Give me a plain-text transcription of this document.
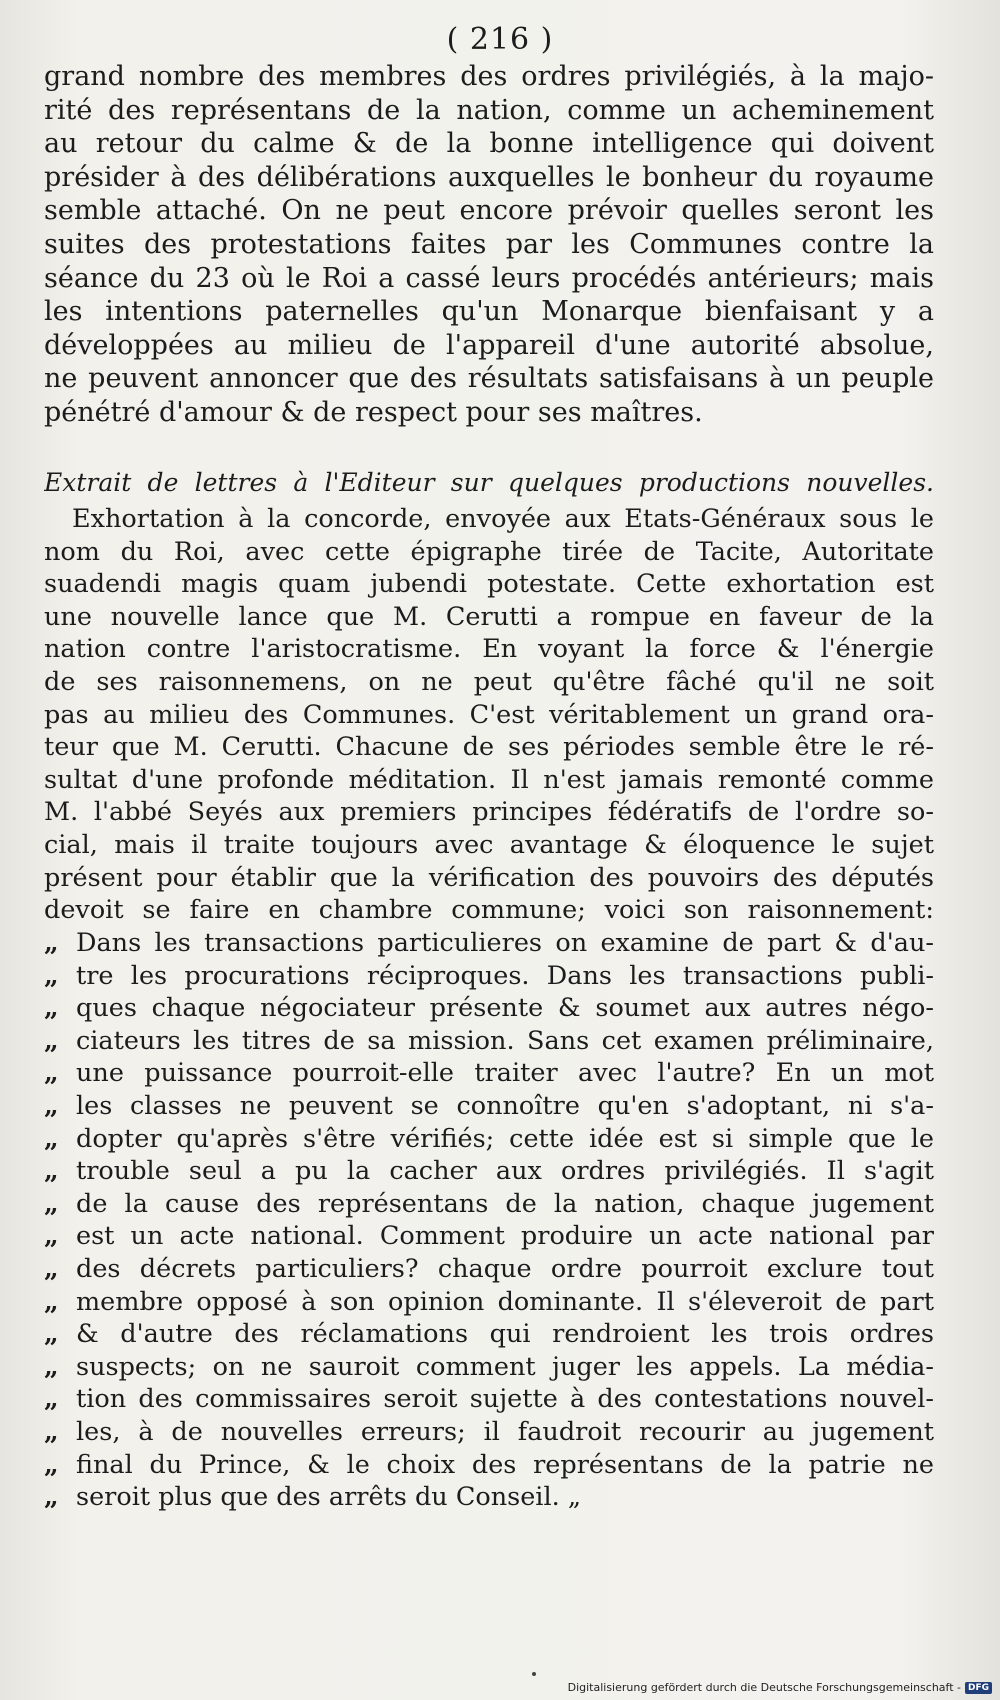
( 216 )
grand nombre des membres des ordres privilégiés, à la majo-
rité des représentans de la nation, comme un acheminement
au retour du calme & de la bonne intelligence qui doivent
présider à des délibérations auxquelles le bonheur du royaume
semble attaché. On ne peut encore prévoir quelles seront les
suites des protestations faites par les Communes contre la
séance du 23 où le Roi a cassé leurs procédés antérieurs; mais
les intentions paternelles qu'un Monarque bienfaisant y a
développées au milieu de l'appareil d'une autorité absolue,
ne peuvent annoncer que des résultats satisfaisans à un peuple
pénétré d'amour & de respect pour ses maîtres.
Extrait de lettres à l'Editeur sur quelques productions nouvelles.
Exhortation à la concorde, envoyée aux Etats-Généraux sous le
nom du Roi, avec cette épigraphe tirée de Tacite, Autoritate
suadendi magis quam jubendi potestate. Cette exhortation est
une nouvelle lance que M. Cerutti a rompue en faveur de la
nation contre l'aristocratisme. En voyant la force & l'énergie
de ses raisonnemens, on ne peut qu'être fâché qu'il ne soit
pas au milieu des Communes. C'est véritablement un grand ora-
teur que M. Cerutti. Chacune de ses périodes semble être le ré-
sultat d'une profonde méditation. Il n'est jamais remonté comme
M. l'abbé Seyés aux premiers principes fédératifs de l'ordre so-
cial, mais il traite toujours avec avantage & éloquence le sujet
présent pour établir que la vérification des pouvoirs des députés
devoit se faire en chambre commune; voici son raisonnement:
„ Dans les transactions particulieres on examine de part & d'au-
„ tre les procurations réciproques. Dans les transactions publi-
„ ques chaque négociateur présente & soumet aux autres négo-
„ ciateurs les titres de sa mission. Sans cet examen préliminaire,
„ une puissance pourroit-elle traiter avec l'autre? En un mot
„ les classes ne peuvent se connoître qu'en s'adoptant, ni s'a-
„ dopter qu'après s'être vérifiés; cette idée est si simple que le
„ trouble seul a pu la cacher aux ordres privilégiés. Il s'agit
„ de la cause des représentans de la nation, chaque jugement
„ est un acte national. Comment produire un acte national par
„ des décrets particuliers? chaque ordre pourroit exclure tout
„ membre opposé à son opinion dominante. Il s'éleveroit de part
„ & d'autre des réclamations qui rendroient les trois ordres
„ suspects; on ne sauroit comment juger les appels. La média-
„ tion des commissaires seroit sujette à des contestations nouvel-
„ les, à de nouvelles erreurs; il faudroit recourir au jugement
„ final du Prince, & le choix des représentans de la patrie ne
„ seroit plus que des arrêts du Conseil. „
Digitalisierung gefördert durch die Deutsche Forschungsgemeinschaft - DFG
